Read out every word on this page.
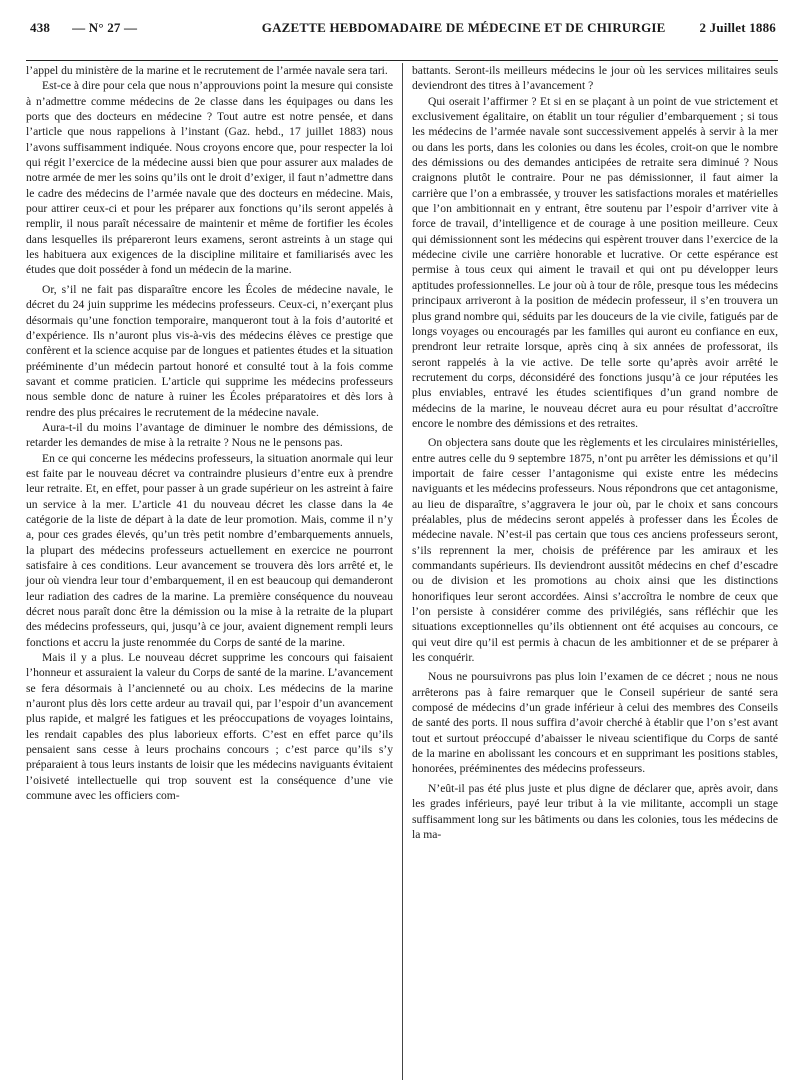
438 — N° 27 —	GAZETTE HEBDOMADAIRE DE MÉDECINE ET DE CHIRURGIE	2 Juillet 1886

l’appel du ministère de la marine et le recrutement de l’armée navale sera tari.

Est-ce à dire pour cela que nous n’approuvions point la mesure qui consiste à n’admettre comme médecins de 2e classe dans les équipages ou dans les ports que des docteurs en médecine ? Tout autre est notre pensée, et dans l’article que nous rappelions à l’instant (Gaz. hebd., 17 juillet 1883) nous l’avons suffisamment indiquée. Nous croyons encore que, pour respecter la loi qui régit l’exercice de la médecine aussi bien que pour assurer aux malades de notre armée de mer les soins qu’ils ont le droit d’exiger, il faut n’admettre dans le cadre des médecins de l’armée navale que des docteurs en médecine. Mais, pour attirer ceux-ci et pour les préparer aux fonctions qu’ils seront appelés à remplir, il nous paraît nécessaire de maintenir et même de fortifier les écoles dans lesquelles ils prépareront leurs examens, seront astreints à un stage qui les habituera aux exigences de la discipline militaire et familiarisés avec les études que doit posséder à fond un médecin de la marine.

Or, s’il ne fait pas disparaître encore les Écoles de médecine navale, le décret du 24 juin supprime les médecins professeurs. Ceux-ci, n’exerçant plus désormais qu’une fonction temporaire, manqueront tout à la fois d’autorité et d’expérience. Ils n’auront plus vis-à-vis des médecins élèves ce prestige que confèrent et la science acquise par de longues et patientes études et la situation prééminente d’un médecin partout honoré et consulté tout à la fois comme savant et comme praticien. L’article qui supprime les médecins professeurs nous semble donc de nature à ruiner les Écoles préparatoires et dès lors à rendre des plus précaires le recrutement de la médecine navale.

Aura-t-il du moins l’avantage de diminuer le nombre des démissions, de retarder les demandes de mise à la retraite ? Nous ne le pensons pas.

En ce qui concerne les médecins professeurs, la situation anormale qui leur est faite par le nouveau décret va contraindre plusieurs d’entre eux à prendre leur retraite. Et, en effet, pour passer à un grade supérieur on les astreint à faire un service à la mer. L’article 41 du nouveau décret les classe dans la 4e catégorie de la liste de départ à la date de leur promotion. Mais, comme il n’y a, pour ces grades élevés, qu’un très petit nombre d’embarquements annuels, la plupart des médecins professeurs actuellement en exercice ne pourront satisfaire à ces conditions. Leur avancement se trouvera dès lors arrêté et, le jour où viendra leur tour d’embarquement, il en est beaucoup qui demanderont leur radiation des cadres de la marine. La première conséquence du nouveau décret nous paraît donc être la démission ou la mise à la retraite de la plupart des médecins professeurs, qui, jusqu’à ce jour, avaient dignement rempli leurs fonctions et accru la juste renommée du Corps de santé de la marine.

Mais il y a plus. Le nouveau décret supprime les concours qui faisaient l’honneur et assuraient la valeur du Corps de santé de la marine. L’avancement se fera désormais à l’ancienneté ou au choix. Les médecins de la marine n’auront plus dès lors cette ardeur au travail qui, par l’espoir d’un avancement plus rapide, et malgré les fatigues et les préoccupations de voyages lointains, les rendait capables des plus laborieux efforts. C’est en effet parce qu’ils pensaient sans cesse à leurs prochains concours ; c’est parce qu’ils s’y préparaient à tous leurs instants de loisir que les médecins naviguants évitaient l’oisiveté intellectuelle qui trop souvent est la conséquence d’une vie commune avec les officiers com-

battants. Seront-ils meilleurs médecins le jour où les services militaires seuls deviendront des titres à l’avancement ?

Qui oserait l’affirmer ? Et si en se plaçant à un point de vue strictement et exclusivement égalitaire, on établit un tour régulier d’embarquement ; si tous les médecins de l’armée navale sont successivement appelés à servir à la mer ou dans les ports, dans les colonies ou dans les écoles, croit-on que le nombre des démissions ou des demandes anticipées de retraite sera diminué ? Nous craignons plutôt le contraire. Pour ne pas démissionner, il faut aimer la carrière que l’on a embrassée, y trouver les satisfactions morales et matérielles que l’on ambitionnait en y entrant, être soutenu par l’espoir d’arriver vite à force de travail, d’intelligence et de courage à une position meilleure. Ceux qui démissionnent sont les médecins qui espèrent trouver dans l’exercice de la médecine civile une carrière honorable et lucrative. Or cette espérance est permise à tous ceux qui aiment le travail et qui ont pu développer leurs aptitudes professionnelles. Le jour où à tour de rôle, presque tous les médecins principaux arriveront à la position de médecin professeur, il s’en trouvera un plus grand nombre qui, séduits par les douceurs de la vie civile, fatigués par de longs voyages ou encouragés par les familles qui auront eu confiance en eux, prendront leur retraite lorsque, après cinq à six années de professorat, ils seront rappelés à la vie active. De telle sorte qu’après avoir arrêté le recrutement du corps, déconsidéré des fonctions jusqu’à ce jour réputées les plus enviables, entravé les études scientifiques d’un grand nombre de médecins de la marine, le nouveau décret aura eu pour résultat d’accroître encore le nombre des démissions et des retraites.

On objectera sans doute que les règlements et les circulaires ministérielles, entre autres celle du 9 septembre 1875, n’ont pu arrêter les démissions et qu’il importait de faire cesser l’antagonisme qui existe entre les médecins naviguants et les médecins professeurs. Nous répondrons que cet antagonisme, au lieu de disparaître, s’aggravera le jour où, par le choix et sans concours préalables, plus de médecins seront appelés à professer dans les Écoles de médecine navale. N’est-il pas certain que tous ces anciens professeurs seront, s’ils reprennent la mer, choisis de préférence par les amiraux et les commandants supérieurs. Ils deviendront aussitôt médecins en chef d’escadre ou de division et les promotions au choix ainsi que les distinctions honorifiques leur seront accordées. Ainsi s’accroîtra le nombre de ceux que l’on persiste à considérer comme des privilégiés, sans réfléchir que les situations exceptionnelles qu’ils obtiennent ont été acquises au concours, ce qui veut dire qu’il est permis à chacun de les ambitionner et de se préparer à les conquérir.

Nous ne poursuivrons pas plus loin l’examen de ce décret ; nous ne nous arrêterons pas à faire remarquer que le Conseil supérieur de santé sera composé de médecins d’un grade inférieur à celui des membres des Conseils de santé des ports. Il nous suffira d’avoir cherché à établir que l’on s’est avant tout et surtout préoccupé d’abaisser le niveau scientifique du Corps de santé de la marine en abolissant les concours et en supprimant les positions stables, honorées, prééminentes des médecins professeurs.

N’eût-il pas été plus juste et plus digne de déclarer que, après avoir, dans les grades inférieurs, payé leur tribut à la vie militante, accompli un stage suffisamment long sur les bâtiments ou dans les colonies, tous les médecins de la ma-
